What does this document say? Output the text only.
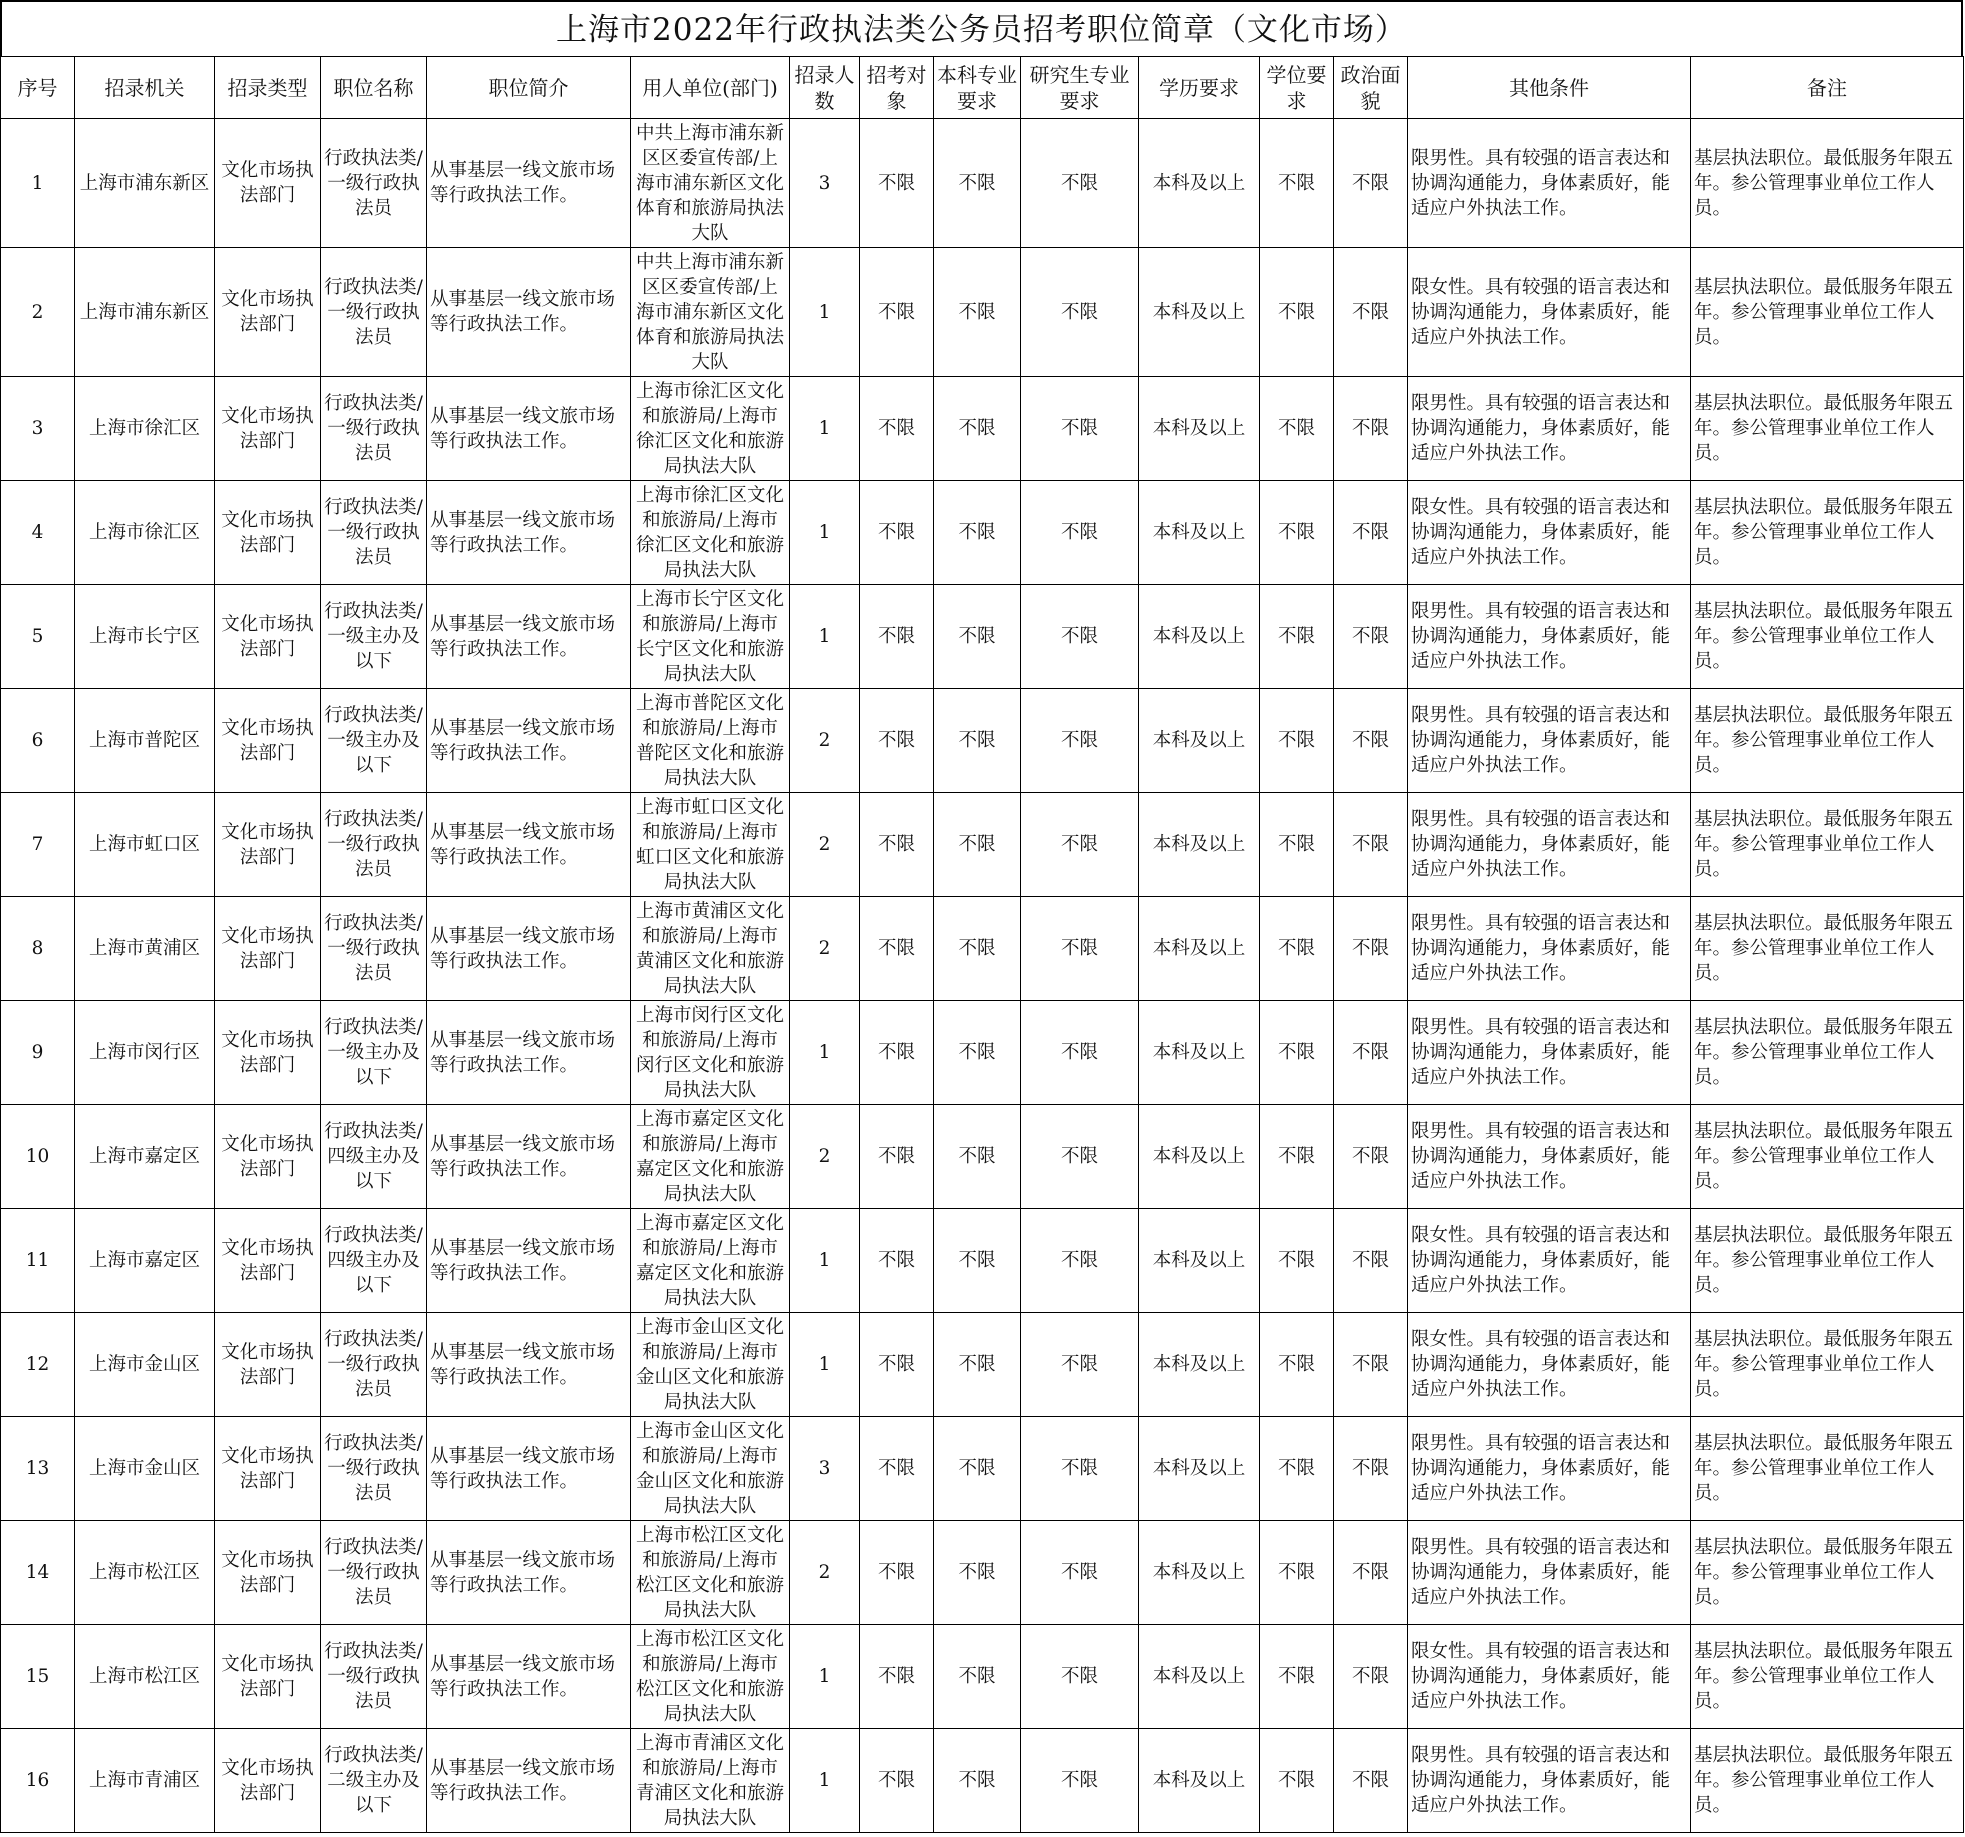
上海市2022年行政执法类公务员招考职位简章（文化市场）
序号	招录机关	招录类型	职位名称	职位简介	用人单位(部门)	招录人数	招考对象	本科专业要求	研究生专业要求	学历要求	学位要求	政治面貌	其他条件	备注
1	上海市浦东新区	文化市场执法部门	行政执法类/一级行政执法员	从事基层一线文旅市场等行政执法工作。	中共上海市浦东新区区委宣传部/上海市浦东新区文化体育和旅游局执法大队	3	不限	不限	不限	本科及以上	不限	不限	限男性。具有较强的语言表达和协调沟通能力，身体素质好，能适应户外执法工作。	基层执法职位。最低服务年限五年。参公管理事业单位工作人员。
2	上海市浦东新区	文化市场执法部门	行政执法类/一级行政执法员	从事基层一线文旅市场等行政执法工作。	中共上海市浦东新区区委宣传部/上海市浦东新区文化体育和旅游局执法大队	1	不限	不限	不限	本科及以上	不限	不限	限女性。具有较强的语言表达和协调沟通能力，身体素质好，能适应户外执法工作。	基层执法职位。最低服务年限五年。参公管理事业单位工作人员。
3	上海市徐汇区	文化市场执法部门	行政执法类/一级行政执法员	从事基层一线文旅市场等行政执法工作。	上海市徐汇区文化和旅游局/上海市徐汇区文化和旅游局执法大队	1	不限	不限	不限	本科及以上	不限	不限	限男性。具有较强的语言表达和协调沟通能力，身体素质好，能适应户外执法工作。	基层执法职位。最低服务年限五年。参公管理事业单位工作人员。
4	上海市徐汇区	文化市场执法部门	行政执法类/一级行政执法员	从事基层一线文旅市场等行政执法工作。	上海市徐汇区文化和旅游局/上海市徐汇区文化和旅游局执法大队	1	不限	不限	不限	本科及以上	不限	不限	限女性。具有较强的语言表达和协调沟通能力，身体素质好，能适应户外执法工作。	基层执法职位。最低服务年限五年。参公管理事业单位工作人员。
5	上海市长宁区	文化市场执法部门	行政执法类/一级主办及以下	从事基层一线文旅市场等行政执法工作。	上海市长宁区文化和旅游局/上海市长宁区文化和旅游局执法大队	1	不限	不限	不限	本科及以上	不限	不限	限男性。具有较强的语言表达和协调沟通能力，身体素质好，能适应户外执法工作。	基层执法职位。最低服务年限五年。参公管理事业单位工作人员。
6	上海市普陀区	文化市场执法部门	行政执法类/一级主办及以下	从事基层一线文旅市场等行政执法工作。	上海市普陀区文化和旅游局/上海市普陀区文化和旅游局执法大队	2	不限	不限	不限	本科及以上	不限	不限	限男性。具有较强的语言表达和协调沟通能力，身体素质好，能适应户外执法工作。	基层执法职位。最低服务年限五年。参公管理事业单位工作人员。
7	上海市虹口区	文化市场执法部门	行政执法类/一级行政执法员	从事基层一线文旅市场等行政执法工作。	上海市虹口区文化和旅游局/上海市虹口区文化和旅游局执法大队	2	不限	不限	不限	本科及以上	不限	不限	限男性。具有较强的语言表达和协调沟通能力，身体素质好，能适应户外执法工作。	基层执法职位。最低服务年限五年。参公管理事业单位工作人员。
8	上海市黄浦区	文化市场执法部门	行政执法类/一级行政执法员	从事基层一线文旅市场等行政执法工作。	上海市黄浦区文化和旅游局/上海市黄浦区文化和旅游局执法大队	2	不限	不限	不限	本科及以上	不限	不限	限男性。具有较强的语言表达和协调沟通能力，身体素质好，能适应户外执法工作。	基层执法职位。最低服务年限五年。参公管理事业单位工作人员。
9	上海市闵行区	文化市场执法部门	行政执法类/一级主办及以下	从事基层一线文旅市场等行政执法工作。	上海市闵行区文化和旅游局/上海市闵行区文化和旅游局执法大队	1	不限	不限	不限	本科及以上	不限	不限	限男性。具有较强的语言表达和协调沟通能力，身体素质好，能适应户外执法工作。	基层执法职位。最低服务年限五年。参公管理事业单位工作人员。
10	上海市嘉定区	文化市场执法部门	行政执法类/四级主办及以下	从事基层一线文旅市场等行政执法工作。	上海市嘉定区文化和旅游局/上海市嘉定区文化和旅游局执法大队	2	不限	不限	不限	本科及以上	不限	不限	限男性。具有较强的语言表达和协调沟通能力，身体素质好，能适应户外执法工作。	基层执法职位。最低服务年限五年。参公管理事业单位工作人员。
11	上海市嘉定区	文化市场执法部门	行政执法类/四级主办及以下	从事基层一线文旅市场等行政执法工作。	上海市嘉定区文化和旅游局/上海市嘉定区文化和旅游局执法大队	1	不限	不限	不限	本科及以上	不限	不限	限女性。具有较强的语言表达和协调沟通能力，身体素质好，能适应户外执法工作。	基层执法职位。最低服务年限五年。参公管理事业单位工作人员。
12	上海市金山区	文化市场执法部门	行政执法类/一级行政执法员	从事基层一线文旅市场等行政执法工作。	上海市金山区文化和旅游局/上海市金山区文化和旅游局执法大队	1	不限	不限	不限	本科及以上	不限	不限	限女性。具有较强的语言表达和协调沟通能力，身体素质好，能适应户外执法工作。	基层执法职位。最低服务年限五年。参公管理事业单位工作人员。
13	上海市金山区	文化市场执法部门	行政执法类/一级行政执法员	从事基层一线文旅市场等行政执法工作。	上海市金山区文化和旅游局/上海市金山区文化和旅游局执法大队	3	不限	不限	不限	本科及以上	不限	不限	限男性。具有较强的语言表达和协调沟通能力，身体素质好，能适应户外执法工作。	基层执法职位。最低服务年限五年。参公管理事业单位工作人员。
14	上海市松江区	文化市场执法部门	行政执法类/一级行政执法员	从事基层一线文旅市场等行政执法工作。	上海市松江区文化和旅游局/上海市松江区文化和旅游局执法大队	2	不限	不限	不限	本科及以上	不限	不限	限男性。具有较强的语言表达和协调沟通能力，身体素质好，能适应户外执法工作。	基层执法职位。最低服务年限五年。参公管理事业单位工作人员。
15	上海市松江区	文化市场执法部门	行政执法类/一级行政执法员	从事基层一线文旅市场等行政执法工作。	上海市松江区文化和旅游局/上海市松江区文化和旅游局执法大队	1	不限	不限	不限	本科及以上	不限	不限	限女性。具有较强的语言表达和协调沟通能力，身体素质好，能适应户外执法工作。	基层执法职位。最低服务年限五年。参公管理事业单位工作人员。
16	上海市青浦区	文化市场执法部门	行政执法类/二级主办及以下	从事基层一线文旅市场等行政执法工作。	上海市青浦区文化和旅游局/上海市青浦区文化和旅游局执法大队	1	不限	不限	不限	本科及以上	不限	不限	限男性。具有较强的语言表达和协调沟通能力，身体素质好，能适应户外执法工作。	基层执法职位。最低服务年限五年。参公管理事业单位工作人员。
